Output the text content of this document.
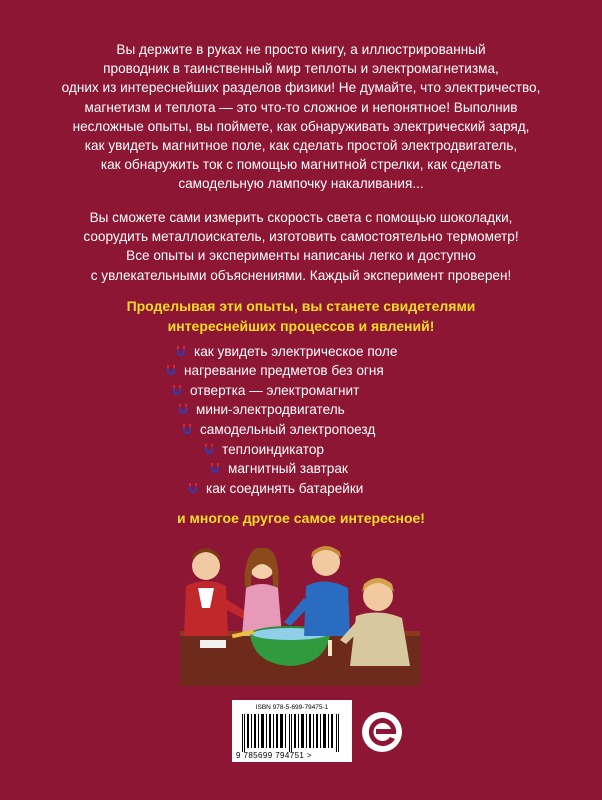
Вы держите в руках не просто книгу, а иллюстрированный
проводник в таинственный мир теплоты и электромагнетизма,
одних из интереснейших разделов физики! Не думайте, что электричество,
магнетизм и теплота — это что-то сложное и непонятное! Выполнив
несложные опыты, вы поймете, как обнаруживать электрический заряд,
как увидеть магнитное поле, как сделать простой электродвигатель,
как обнаружить ток с помощью магнитной стрелки, как сделать
самодельную лампочку накаливания...
Вы сможете сами измерить скорость света с помощью шоколадки,
соорудить металлоискатель, изготовить самостоятельно термометр!
Все опыты и эксперименты написаны легко и доступно
с увлекательными объяснениями. Каждый эксперимент проверен!
Проделывая эти опыты, вы станете свидетелями
интереснейших процессов и явлений!
как увидеть электрическое поле
нагревание предметов без огня
отвертка — электромагнит
мини-электродвигатель
самодельный электропоезд
теплоиндикатор
магнитный завтрак
как соединять батарейки
и многое другое самое интересное!
ISBN 978-5-699-79475-1
9 785699 794751 >
